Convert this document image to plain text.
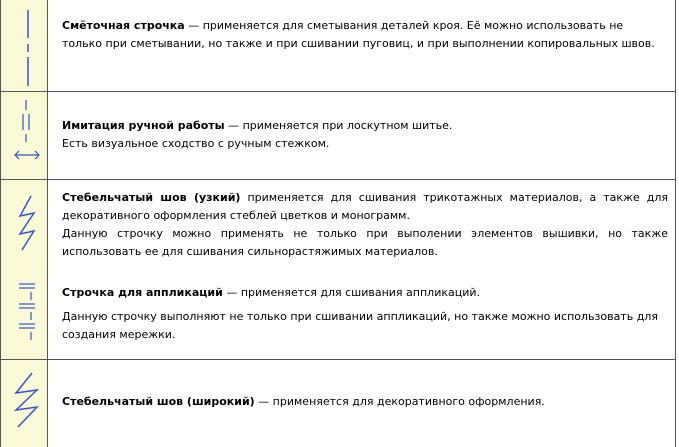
Смёточная строчка — применяется для сметывания деталей кроя. Её можно использовать не только при сметывании, но также и при сшивании пуговиц, и при выполнении копировальных швов.

Имитация ручной работы — применяется при лоскутном шитье.

Есть визуальное сходство с ручным стежком.

Стебельчатый шов (узкий) применяется для сшивания трикотажных материалов, а также для декоративного оформления стеблей цветков и монограмм.

Данную строчку можно применять не только при выполении элементов вышивки, но также использовать ее для сшивания сильнорастяжимых материалов.

Строчка для аппликаций — применяется для сшивания аппликаций.

Данную строчку выполняют не только при сшивании аппликаций, но также можно использовать для создания мережки.

Стебельчатый шов (широкий) — применяется для декоративного оформления.
